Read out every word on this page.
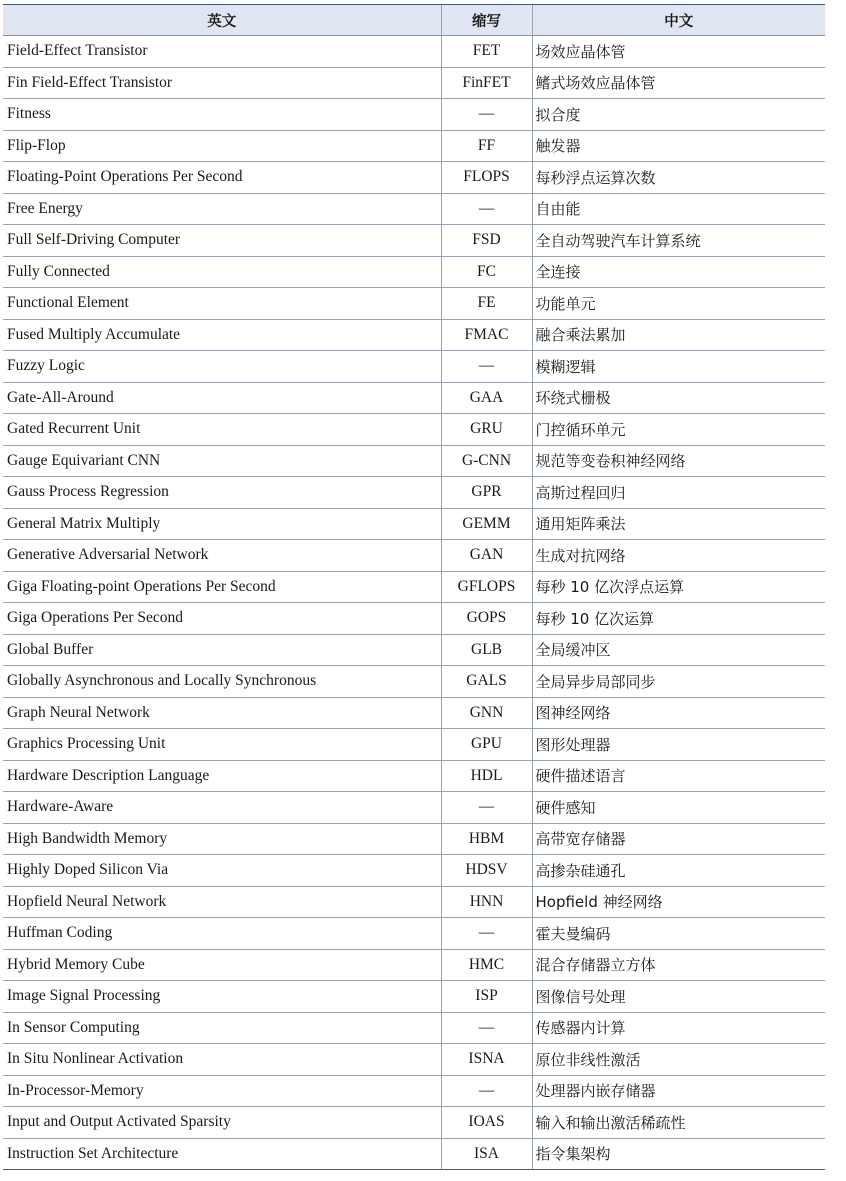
英文	缩写	中文
Field-Effect Transistor	FET	场效应晶体管
Fin Field-Effect Transistor	FinFET	鳍式场效应晶体管
Fitness	—	拟合度
Flip-Flop	FF	触发器
Floating-Point Operations Per Second	FLOPS	每秒浮点运算次数
Free Energy	—	自由能
Full Self-Driving Computer	FSD	全自动驾驶汽车计算系统
Fully Connected	FC	全连接
Functional Element	FE	功能单元
Fused Multiply Accumulate	FMAC	融合乘法累加
Fuzzy Logic	—	模糊逻辑
Gate-All-Around	GAA	环绕式栅极
Gated Recurrent Unit	GRU	门控循环单元
Gauge Equivariant CNN	G-CNN	规范等变卷积神经网络
Gauss Process Regression	GPR	高斯过程回归
General Matrix Multiply	GEMM	通用矩阵乘法
Generative Adversarial Network	GAN	生成对抗网络
Giga Floating-point Operations Per Second	GFLOPS	每秒 10 亿次浮点运算
Giga Operations Per Second	GOPS	每秒 10 亿次运算
Global Buffer	GLB	全局缓冲区
Globally Asynchronous and Locally Synchronous	GALS	全局异步局部同步
Graph Neural Network	GNN	图神经网络
Graphics Processing Unit	GPU	图形处理器
Hardware Description Language	HDL	硬件描述语言
Hardware-Aware	—	硬件感知
High Bandwidth Memory	HBM	高带宽存储器
Highly Doped Silicon Via	HDSV	高掺杂硅通孔
Hopfield Neural Network	HNN	Hopfield 神经网络
Huffman Coding	—	霍夫曼编码
Hybrid Memory Cube	HMC	混合存储器立方体
Image Signal Processing	ISP	图像信号处理
In Sensor Computing	—	传感器内计算
In Situ Nonlinear Activation	ISNA	原位非线性激活
In-Processor-Memory	—	处理器内嵌存储器
Input and Output Activated Sparsity	IOAS	输入和输出激活稀疏性
Instruction Set Architecture	ISA	指令集架构
